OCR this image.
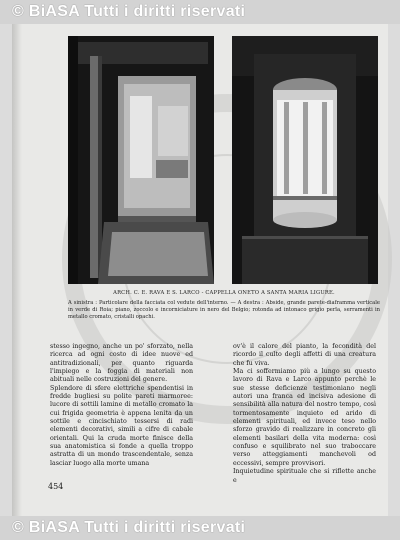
© BiASA Tutti i diritti riservati
ARCH. C. E. RAVA E S. LARCO - CAPPELLA ONETO A SANTA MARIA LIGURE.
A sinistra : Particolare della facciata col vedute dell'interno. — A destra : Abside, grande parete-diaframma verticale in verde di Roia; piano, zoccolo e incorniciature in nero del Belgio; rotonda ad intonaco grigio perla, serramenti in metallo cromato, cristalli opachi.
stesso ingegno, anche un po' sforzato, nella ricerca ad ogni costo di idee nuove ed antitradizionali, per quanto riguarda l'impiego e la foggia di materiali non abituali nelle costruzioni del genere.
Splendore di sfere elettriche spendentisi in fredde bugliesi su polite pareti marmoree: lucore di sottili lamine di metallo cromato la cui frigida geometria è appena lenita da un sottile e cincischiato tessersi di radi elementi decorativi, simili a cifre di cabale orientali. Qui la cruda morte finisce della sua anatomistica si fonde a quella troppo astratta di un mondo trascendentale, senza lasciar luogo alla morte umana
ov'è il calore del pianto, la fecondità del ricordo il culto degli affetti di una creatura che fu viva.
Ma ci soffermiamo più a lungo su questo lavoro di Rava e Larco appunto perchè le sue stesse deficienze testimoniano negli autori una franca ed incisiva adesione di sensibilità alla natura del nostro tempo, così tormentosamente inquieto ed arido di elementi spirituali, ed invece teso nello sforzo gravido di realizzare in concreto gli elementi basilari della vita moderna: così confuso e squilibrato nel suo traboccare verso atteggiamenti manchevoli od eccessivi, sempre provvisori.
Inquietudine spirituale che si riflette anche e
454
© BiASA Tutti i diritti riservati
